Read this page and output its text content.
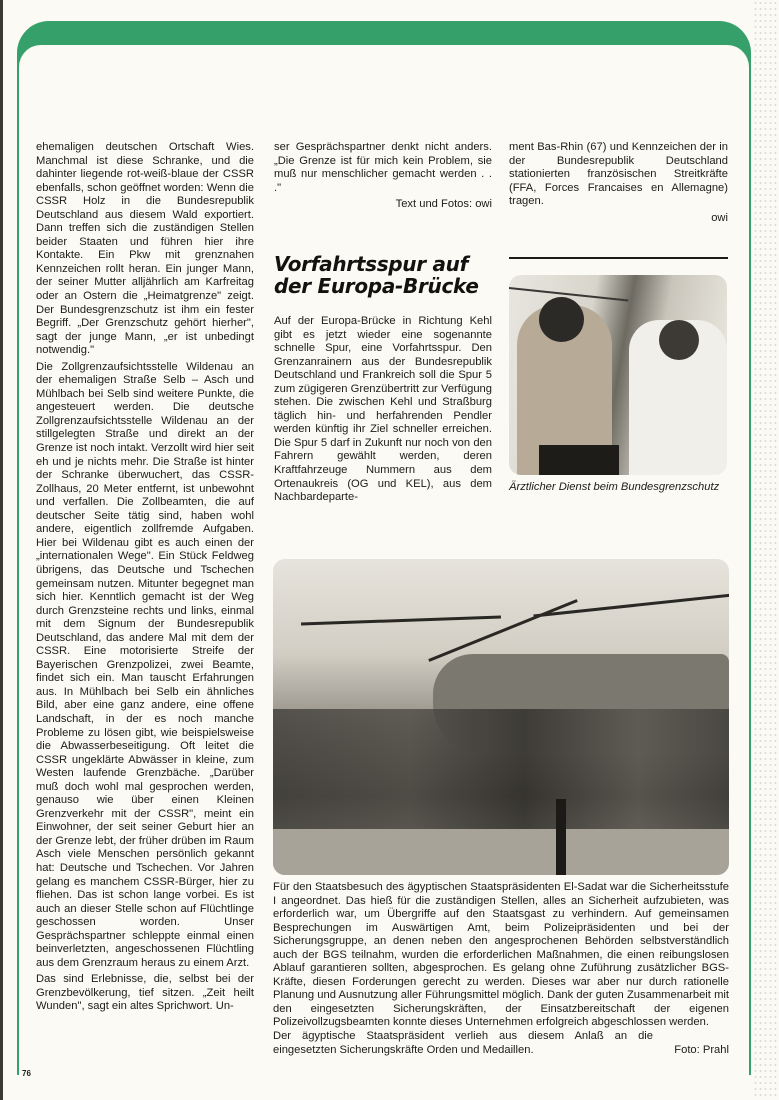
ehemaligen deutschen Ortschaft Wies. Manchmal ist diese Schranke, und die dahinter liegende rot-weiß-blaue der CSSR ebenfalls, schon geöffnet worden: Wenn die CSSR Holz in die Bundesrepublik Deutschland aus diesem Wald exportiert. Dann treffen sich die zuständigen Stellen beider Staaten und führen hier ihre Kontakte. Ein Pkw mit grenznahen Kennzeichen rollt heran. Ein junger Mann, der seiner Mutter alljährlich am Karfreitag oder an Ostern die „Heimatgrenze" zeigt. Der Bundesgrenzschutz ist ihm ein fester Begriff. „Der Grenzschutz gehört hierher", sagt der junge Mann, „er ist unbedingt notwendig."

Die Zollgrenzaufsichtsstelle Wildenau an der ehemaligen Straße Selb – Asch und Mühlbach bei Selb sind weitere Punkte, die angesteuert werden. Die deutsche Zollgrenzaufsichtsstelle Wildenau an der stillgelegten Straße und direkt an der Grenze ist noch intakt. Verzollt wird hier seit eh und je nichts mehr. Die Straße ist hinter der Schranke überwuchert, das CSSR-Zollhaus, 20 Meter entfernt, ist unbewohnt und verfallen. Die Zollbeamten, die auf deutscher Seite tätig sind, haben wohl andere, eigentlich zollfremde Aufgaben. Hier bei Wildenau gibt es auch einen der „internationalen Wege". Ein Stück Feldweg übrigens, das Deutsche und Tschechen gemeinsam nutzen. Mitunter begegnet man sich hier. Kenntlich gemacht ist der Weg durch Grenzsteine rechts und links, einmal mit dem Signum der Bundesrepublik Deutschland, das andere Mal mit dem der CSSR. Eine motorisierte Streife der Bayerischen Grenzpolizei, zwei Beamte, findet sich ein. Man tauscht Erfahrungen aus. In Mühlbach bei Selb ein ähnliches Bild, aber eine ganz andere, eine offene Landschaft, in der es noch manche Probleme zu lösen gibt, wie beispielsweise die Abwasserbeseitigung. Oft leitet die CSSR ungeklärte Abwässer in kleine, zum Westen laufende Grenzbäche. „Darüber muß doch wohl mal gesprochen werden, genauso wie über einen Kleinen Grenzverkehr mit der CSSR", meint ein Einwohner, der seit seiner Geburt hier an der Grenze lebt, der früher drüben im Raum Asch viele Menschen persönlich gekannt hat: Deutsche und Tschechen. Vor Jahren gelang es manchem CSSR-Bürger, hier zu fliehen. Das ist schon lange vorbei. Es ist auch an dieser Stelle schon auf Flüchtlinge geschossen worden. Unser Gesprächspartner schleppte einmal einen beinverletzten, angeschossenen Flüchtling aus dem Grenzraum heraus zu einem Arzt.

Das sind Erlebnisse, die, selbst bei der Grenzbevölkerung, tief sitzen. „Zeit heilt Wunden", sagt ein altes Sprichwort. Un-

ser Gesprächspartner denkt nicht anders. „Die Grenze ist für mich kein Problem, sie muß nur menschlicher gemacht werden . . ."

Text und Fotos: owi

Vorfahrtsspur auf der Europa-Brücke

Auf der Europa-Brücke in Richtung Kehl gibt es jetzt wieder eine sogenannte schnelle Spur, eine Vorfahrtsspur. Den Grenzanrainern aus der Bundesrepublik Deutschland und Frankreich soll die Spur 5 zum zügigeren Grenzübertritt zur Verfügung stehen. Die zwischen Kehl und Straßburg täglich hin- und herfahrenden Pendler werden künftig ihr Ziel schneller erreichen. Die Spur 5 darf in Zukunft nur noch von den Fahrern gewählt werden, deren Kraftfahrzeuge Nummern aus dem Ortenaukreis (OG und KEL), aus dem Nachbardeparte-

ment Bas-Rhin (67) und Kennzeichen der in der Bundesrepublik Deutschland stationierten französischen Streitkräfte (FFA, Forces Francaises en Allemagne) tragen.

owi

Ärztlicher Dienst beim Bundesgrenzschutz

Für den Staatsbesuch des ägyptischen Staatspräsidenten El-Sadat war die Sicherheitsstufe I angeordnet. Das hieß für die zuständigen Stellen, alles an Sicherheit aufzubieten, was erforderlich war, um Übergriffe auf den Staatsgast zu verhindern. Auf gemeinsamen Besprechungen im Auswärtigen Amt, beim Polizeipräsidenten und bei der Sicherungsgruppe, an denen neben den angesprochenen Behörden selbstverständlich auch der BGS teilnahm, wurden die erforderlichen Maßnahmen, die einen reibungslosen Ablauf garantieren sollten, abgesprochen. Es gelang ohne Zuführung zusätzlicher BGS-Kräfte, diesen Forderungen gerecht zu werden. Dieses war aber nur durch rationelle Planung und Ausnutzung aller Führungsmittel möglich. Dank der guten Zusammenarbeit mit den eingesetzten Sicherungskräften, der Einsatzbereitschaft der eigenen Polizeivollzugsbeamten konnte dieses Unternehmen erfolgreich abgeschlossen werden.

Der ägyptische Staatspräsident verlieh aus diesem Anlaß an die eingesetzten Sicherungskräfte Orden und Medaillen.	Foto: Prahl

76
